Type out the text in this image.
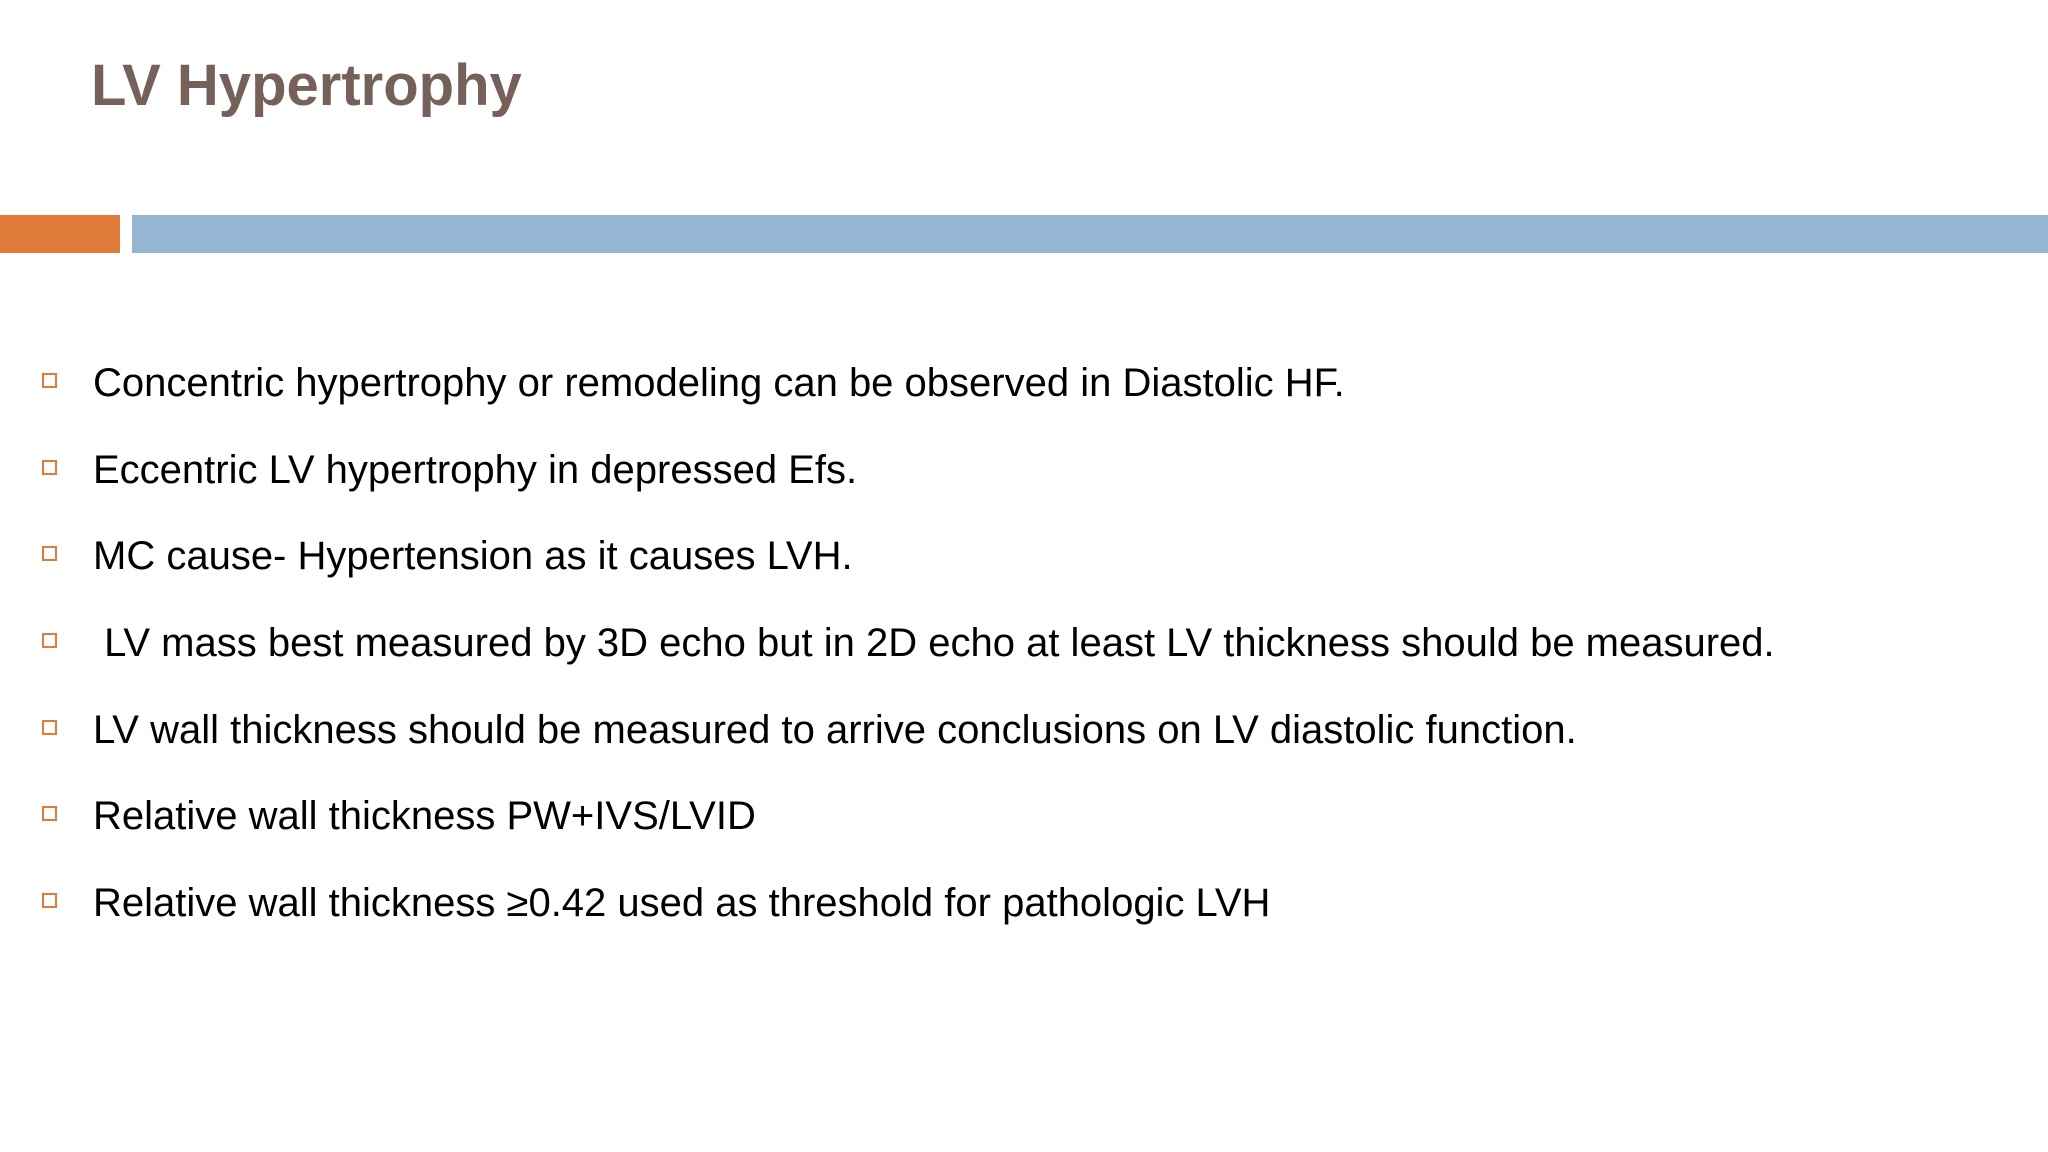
LV Hypertrophy
Concentric hypertrophy or remodeling can be observed in Diastolic HF.
Eccentric LV hypertrophy in depressed Efs.
MC cause- Hypertension as it causes LVH.
LV mass best measured by 3D echo but in 2D echo at least LV thickness should be measured.
LV wall thickness should be measured to arrive conclusions on LV diastolic function.
Relative wall thickness PW+IVS/LVID
Relative wall thickness ≥0.42 used as threshold for pathologic LVH
